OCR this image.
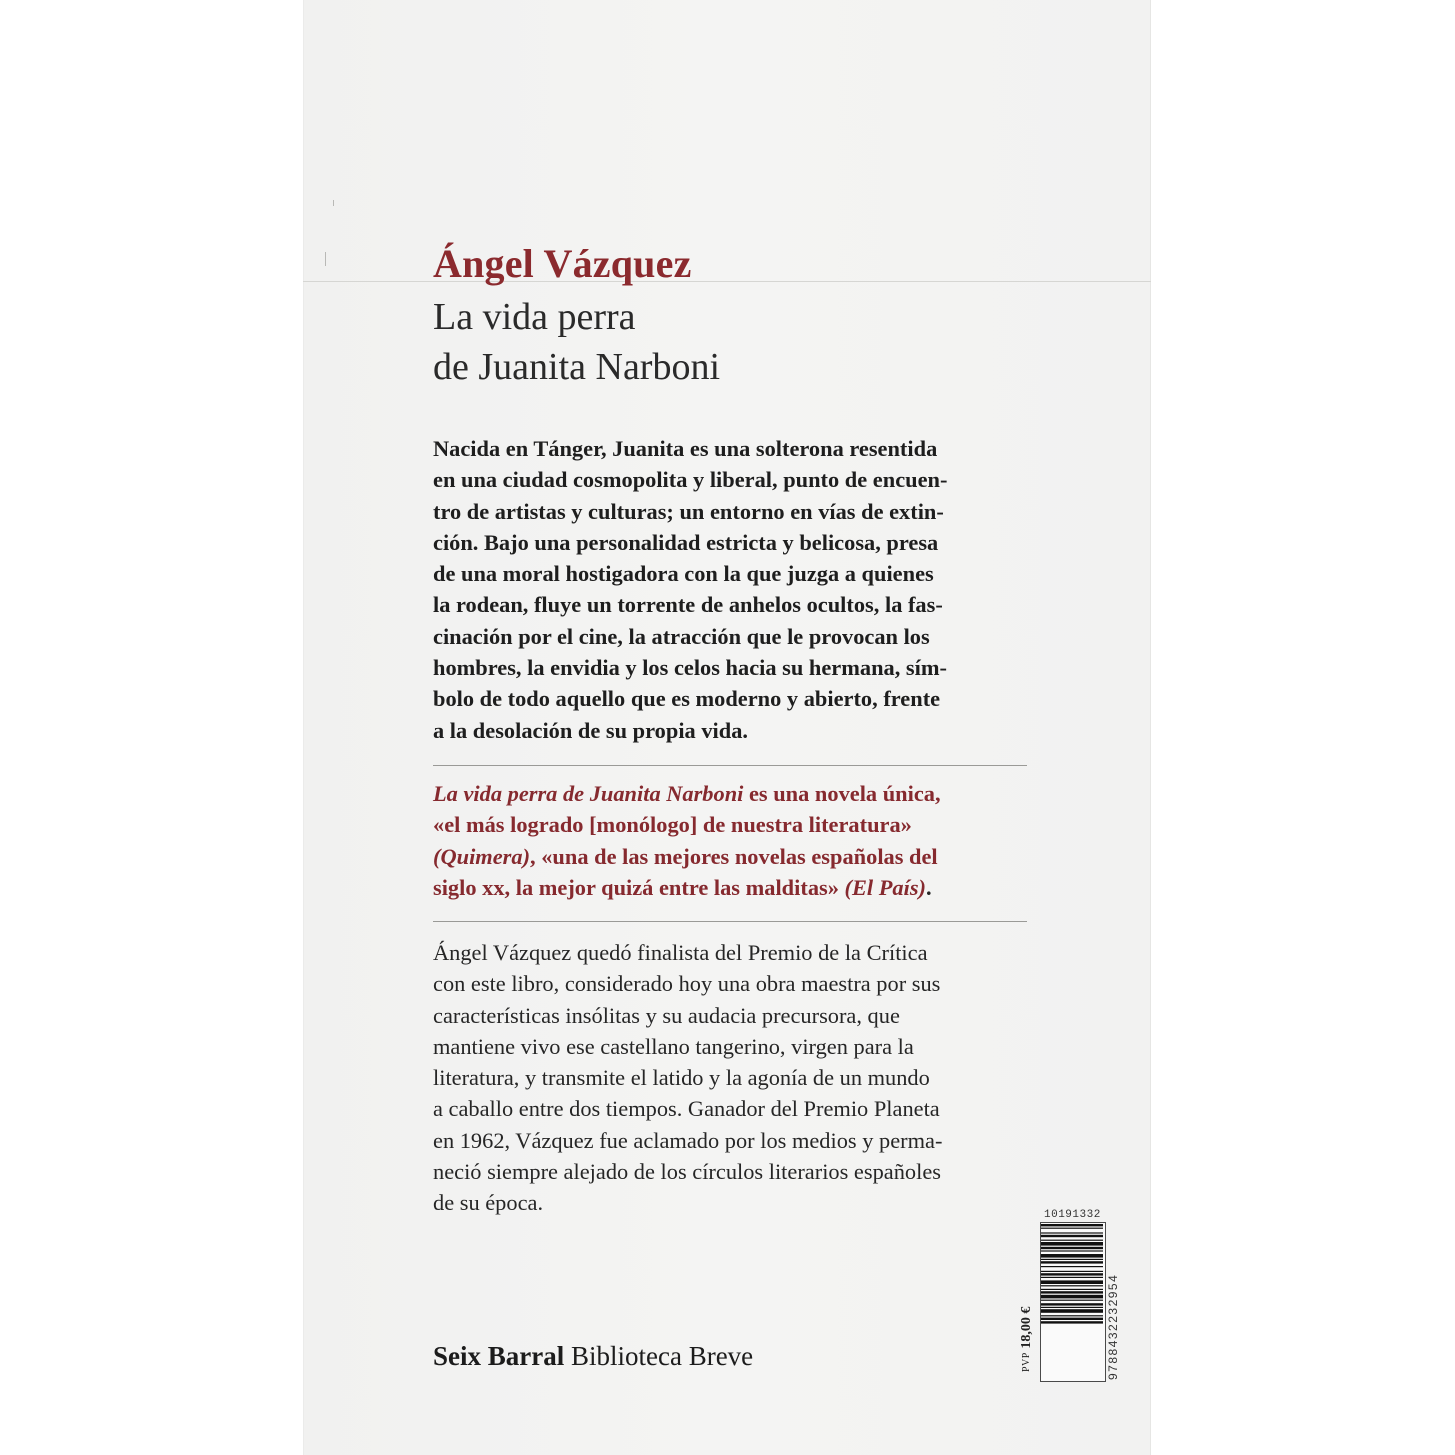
Ángel Vázquez
La vida perra
de Juanita Narboni
Nacida en Tánger, Juanita es una solterona resentida
en una ciudad cosmopolita y liberal, punto de encuen-
tro de artistas y culturas; un entorno en vías de extin-
ción. Bajo una personalidad estricta y belicosa, presa
de una moral hostigadora con la que juzga a quienes
la rodean, fluye un torrente de anhelos ocultos, la fas-
cinación por el cine, la atracción que le provocan los
hombres, la envidia y los celos hacia su hermana, sím-
bolo de todo aquello que es moderno y abierto, frente
a la desolación de su propia vida.
La vida perra de Juanita Narboni es una novela única,
«el más logrado [monólogo] de nuestra literatura»
(Quimera), «una de las mejores novelas españolas del
siglo xx, la mejor quizá entre las malditas» (El País).
Ángel Vázquez quedó finalista del Premio de la Crítica
con este libro, considerado hoy una obra maestra por sus
características insólitas y su audacia precursora, que
mantiene vivo ese castellano tangerino, virgen para la
literatura, y transmite el latido y la agonía de un mundo
a caballo entre dos tiempos. Ganador del Premio Planeta
en 1962, Vázquez fue aclamado por los medios y perma-
neció siempre alejado de los círculos literarios españoles
de su época.
Seix Barral Biblioteca Breve
10191332
PVP 18,00 €	9788432232954
